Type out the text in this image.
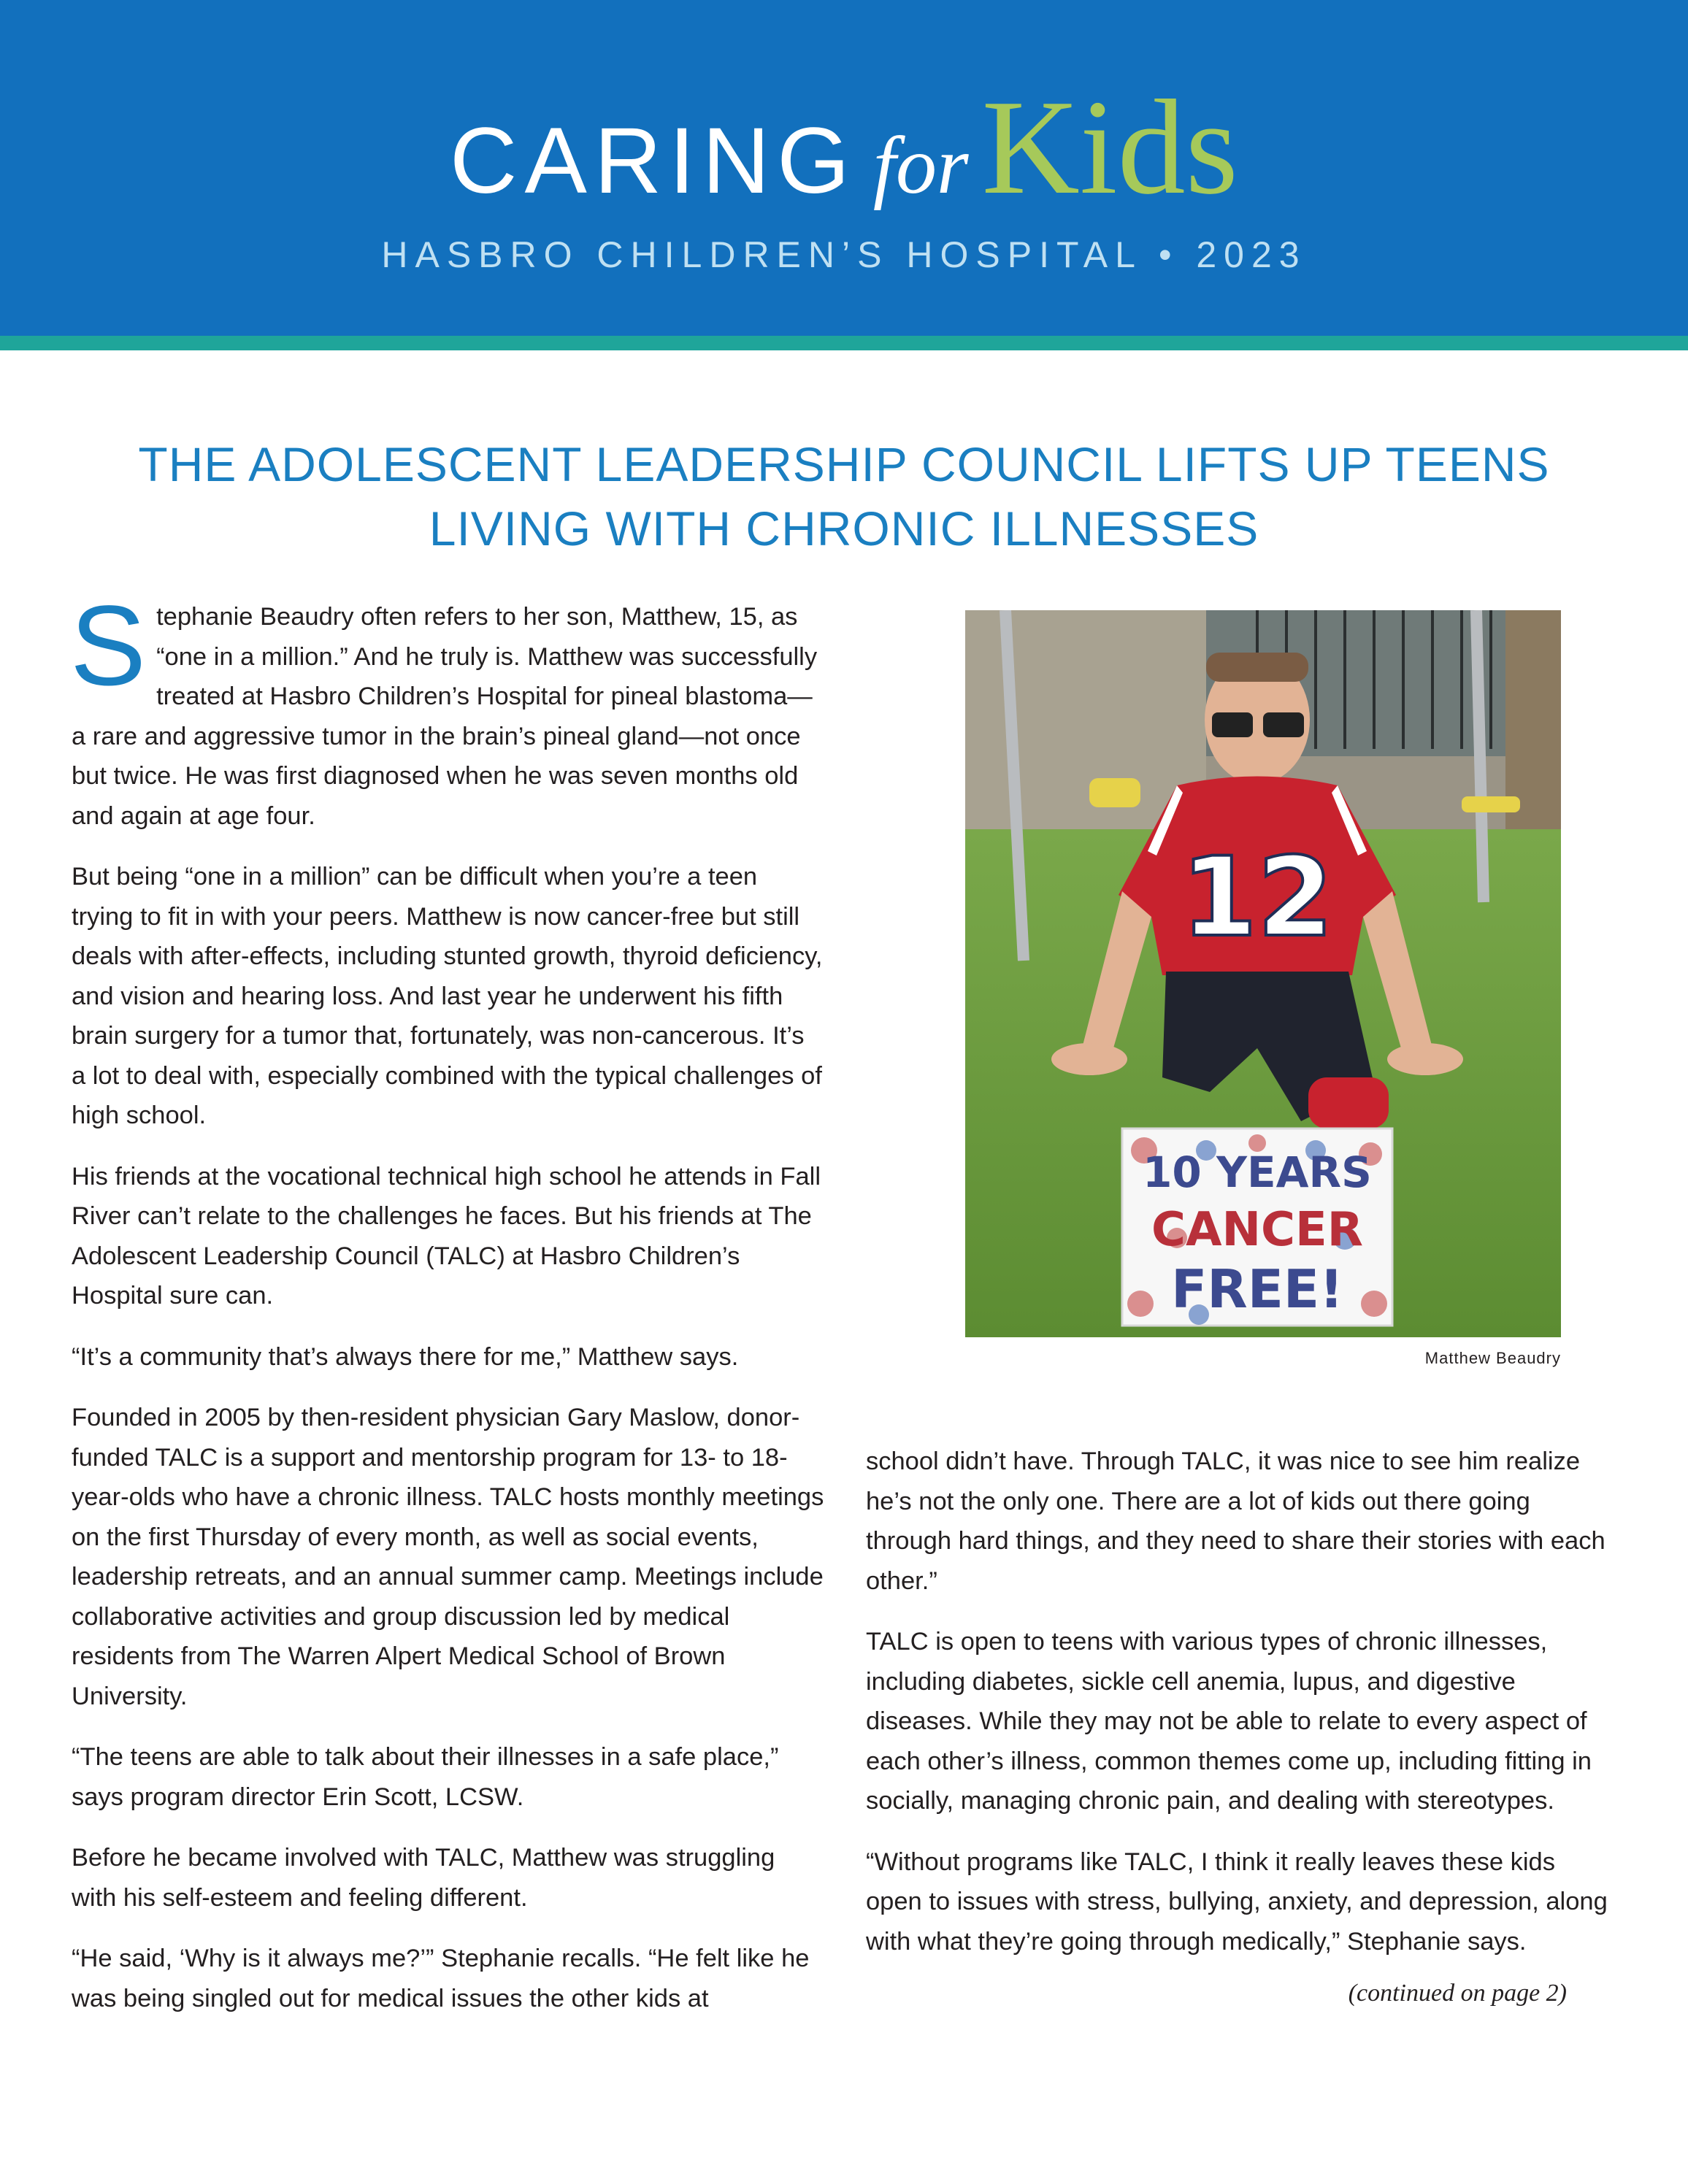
CARING forKids
HASBRO CHILDREN’S HOSPITAL • 2023
THE ADOLESCENT LEADERSHIP COUNCIL LIFTS UP TEENS
LIVING WITH CHRONIC ILLNESSES

Stephanie Beaudry often refers to her son, Matthew, 15, as “one in a million.” And he truly is. Matthew was successfully treated at Hasbro Children’s Hospital for pineal blastoma—a rare and aggressive tumor in the brain’s pineal gland—not once but twice. He was first diagnosed when he was seven months old and again at age four.

But being “one in a million” can be difficult when you’re a teen trying to fit in with your peers. Matthew is now cancer-free but still deals with after-effects, including stunted growth, thyroid deficiency, and vision and hearing loss. And last year he underwent his fifth brain surgery for a tumor that, fortunately, was non-cancerous. It’s a lot to deal with, especially combined with the typical challenges of high school.

His friends at the vocational technical high school he attends in Fall River can’t relate to the challenges he faces. But his friends at The Adolescent Leadership Council (TALC) at Hasbro Children’s Hospital sure can.

“It’s a community that’s always there for me,” Matthew says.

Founded in 2005 by then-resident physician Gary Maslow, donor-funded TALC is a support and mentorship program for 13- to 18-year-olds who have a chronic illness. TALC hosts monthly meetings on the first Thursday of every month, as well as social events, leadership retreats, and an annual summer camp. Meetings include collaborative activities and group discussion led by medical residents from The Warren Alpert Medical School of Brown University.

“The teens are able to talk about their illnesses in a safe place,” says program director Erin Scott, LCSW.

Before he became involved with TALC, Matthew was struggling with his self-esteem and feeling different.

“He said, ‘Why is it always me?’” Stephanie recalls. “He felt like he was being singled out for medical issues the other kids at

12
10 YEARS
CANCER
FREE!
Matthew Beaudry

school didn’t have. Through TALC, it was nice to see him realize he’s not the only one. There are a lot of kids out there going through hard things, and they need to share their stories with each other.”

TALC is open to teens with various types of chronic illnesses, including diabetes, sickle cell anemia, lupus, and digestive diseases. While they may not be able to relate to every aspect of each other’s illness, common themes come up, including fitting in socially, managing chronic pain, and dealing with stereotypes.

“Without programs like TALC, I think it really leaves these kids open to issues with stress, bullying, anxiety, and depression, along with what they’re going through medically,” Stephanie says.

(continued on page 2)
